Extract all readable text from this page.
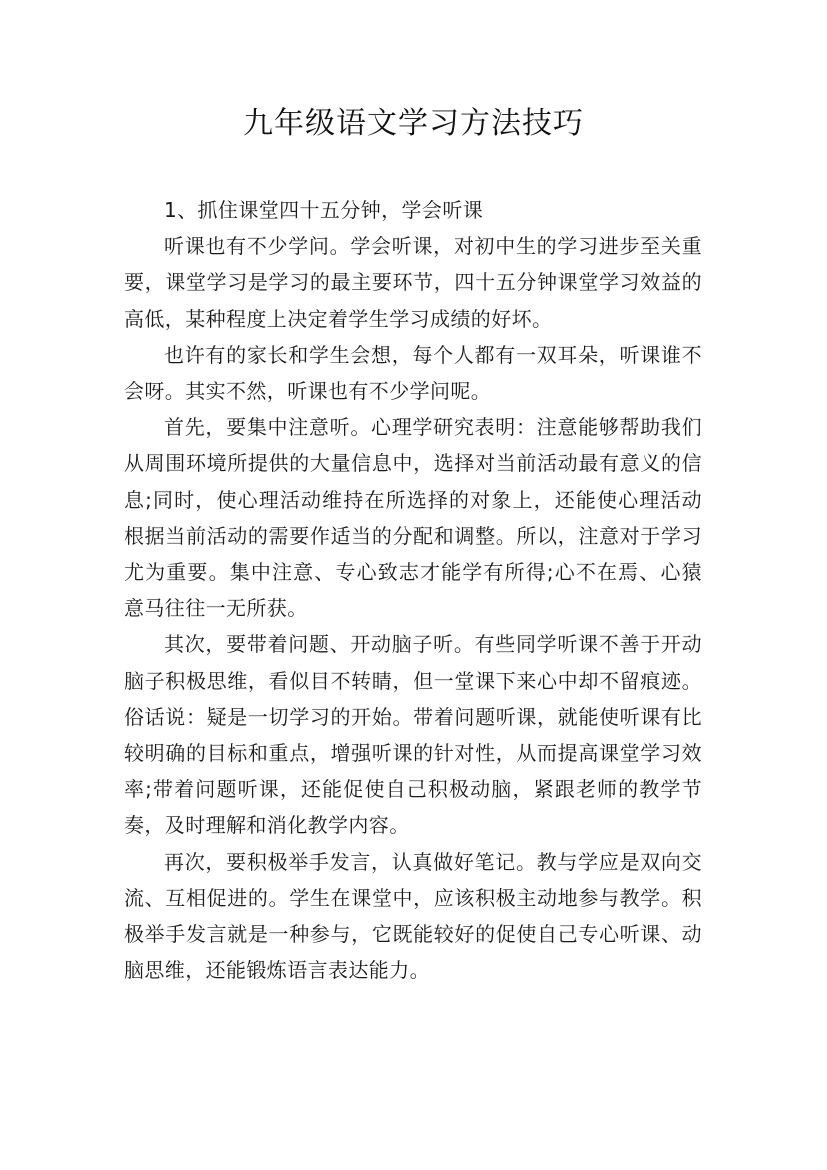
九年级语文学习方法技巧

1、抓住课堂四十五分钟，学会听课

听课也有不少学问。学会听课，对初中生的学习进步至关重要，课堂学习是学习的最主要环节，四十五分钟课堂学习效益的高低，某种程度上决定着学生学习成绩的好坏。

也许有的家长和学生会想，每个人都有一双耳朵，听课谁不会呀。其实不然，听课也有不少学问呢。

首先，要集中注意听。心理学研究表明：注意能够帮助我们从周围环境所提供的大量信息中，选择对当前活动最有意义的信息;同时，使心理活动维持在所选择的对象上，还能使心理活动根据当前活动的需要作适当的分配和调整。所以，注意对于学习尤为重要。集中注意、专心致志才能学有所得;心不在焉、心猿意马往往一无所获。

其次，要带着问题、开动脑子听。有些同学听课不善于开动脑子积极思维，看似目不转睛，但一堂课下来心中却不留痕迹。俗话说：疑是一切学习的开始。带着问题听课，就能使听课有比较明确的目标和重点，增强听课的针对性，从而提高课堂学习效率;带着问题听课，还能促使自己积极动脑，紧跟老师的教学节奏，及时理解和消化教学内容。

再次，要积极举手发言，认真做好笔记。教与学应是双向交流、互相促进的。学生在课堂中，应该积极主动地参与教学。积极举手发言就是一种参与，它既能较好的促使自己专心听课、动脑思维，还能锻炼语言表达能力。
